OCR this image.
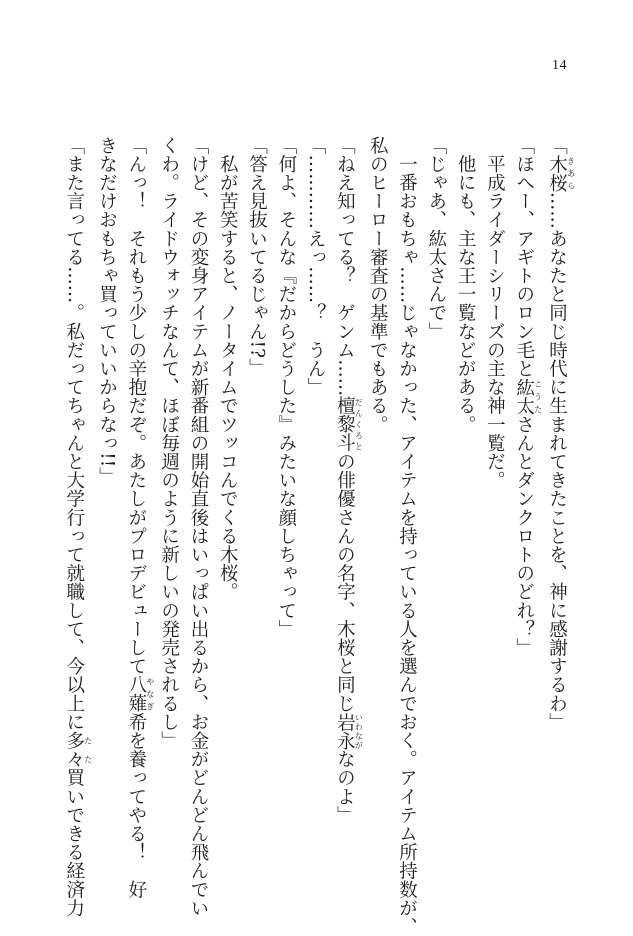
14

「木桜 きあら……あなたと同じ時代に生まれてきたことを、神に感謝するわ」

「ほへー、アギトのロン毛と紘太 こうたさんとダンクロトのどれ？」

　平成ライダーシリーズの主な神一覧だ。

　他にも、主な王一覧などがある。

「じゃあ、紘太さんで」

　一番おもちゃ……じゃなかった、アイテムを持っている人を選んでおく。アイテム所持数が、

私のヒーロー審査の基準でもある。

「ねえ知ってる？　ゲンム……檀黎斗 だんくろとの俳優さんの名字、木桜と同じ岩永 いわながなのよ」

「…………えっ……？　うん」

「何よ、そんな『だからどうした』みたいな顔しちゃって」

「答え見抜いてるじゃん!?」

　私が苦笑すると、ノータイムでツッコんでくる木桜。

「けど、その変身アイテムが新番組の開始直後はいっぱい出るから、お金がどんどん飛んでい

くわ。ライドウォッチなんて、ほぼ毎週のように新しいの発売されるし」

「んっ！　それもう少しの辛抱だぞ。あたしがプロデビューして八薙 やなぎ希を養ってやる！　好

きなだけおもちゃ買っていいからなっ!!」

「また言ってる……。私だってちゃんと大学行って就職して、今以上に多々 たた買いできる経済力
